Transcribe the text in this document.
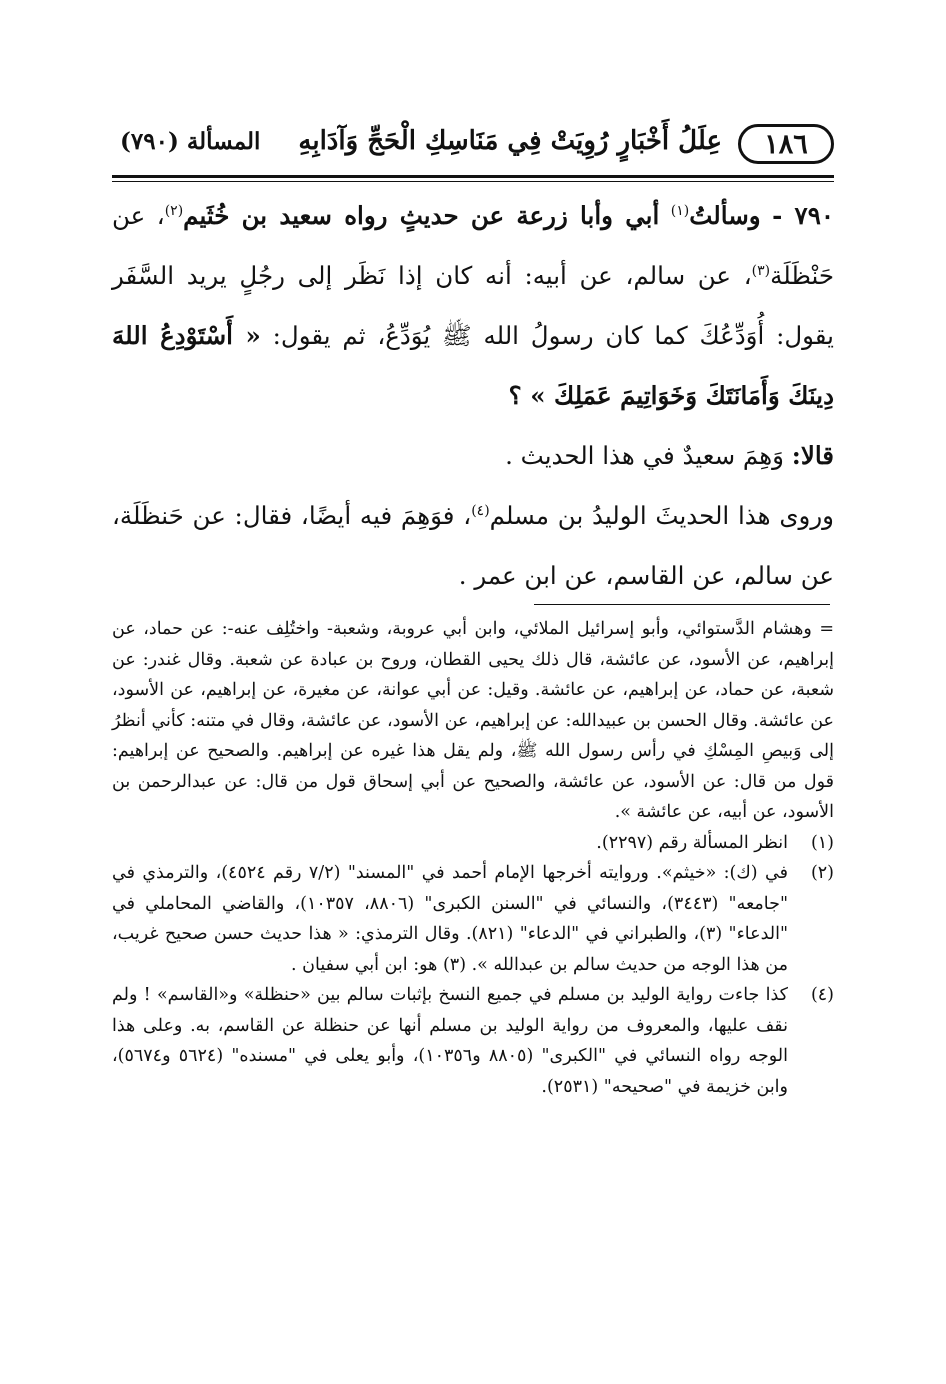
١٨٦
عِلَلُ أَخْبَارٍ رُوِيَتْ فِي مَنَاسِكِ الْحَجِّ وَآدَابِهِ
المسألة (٧٩٠)

٧٩٠ - وسألتُ$^{(١)}$ أبي وأبا زرعة عن حديثٍ رواه سعيد بن خُثَيم$^{(٢)}$، عن حَنْظَلَة$^{(٣)}$، عن سالم، عن أبيه: أنه كان إذا نَظَر إلى رجُلٍ يريد السَّفَر يقول: أُوَدِّعُكَ كما كان رسولُ الله ﷺ يُوَدِّعُ، ثم يقول: « أَسْتَوْدِعُ اللهَ دِينَكَ وَأَمَانَتَكَ وَخَوَاتِيمَ عَمَلِكَ » ؟

قالا: وَهِمَ سعيدٌ في هذا الحديث .

وروى هذا الحديثَ الوليدُ بن مسلم$^{(٤)}$، فوَهِمَ فيه أيضًا، فقال: عن حَنظَلَة، عن سالم، عن القاسم، عن ابن عمر .

= وهشام الدَّستوائي، وأبو إسرائيل الملائي، وابن أبي عروبة، وشعبة- واختُلِف عنه-: عن حماد، عن إبراهيم، عن الأسود، عن عائشة، قال ذلك يحيى القطان، وروح بن عبادة عن شعبة. وقال غندر: عن شعبة، عن حماد، عن إبراهيم، عن عائشة. وقيل: عن أبي عوانة، عن مغيرة، عن إبراهيم، عن الأسود، عن عائشة. وقال الحسن بن عبيدالله: عن إبراهيم، عن الأسود، عن عائشة، وقال في متنه: كأني أنظرُ إلى وَبيصِ المِسْكِ في رأس رسول الله ﷺ، ولم يقل هذا غيره عن إبراهيم. والصحيح عن إبراهيم: قول من قال: عن الأسود، عن عائشة، والصحيح عن أبي إسحاق قول من قال: عن عبدالرحمن بن الأسود، عن أبيه، عن عائشة ».

(١)
انظر المسألة رقم (٢٢٩٧).
(٢)
في (ك): «خيثم». وروايته أخرجها الإمام أحمد في "المسند" (٧/٢ رقم ٤٥٢٤)، والترمذي في "جامعه" (٣٤٤٣)، والنسائي في "السنن الكبرى" (٨٨٠٦، ١٠٣٥٧)، والقاضي المحاملي في "الدعاء" (٣)، والطبراني في "الدعاء" (٨٢١). وقال الترمذي: « هذا حديث حسن صحيح غريب، من هذا الوجه من حديث سالم بن عبدالله ». (٣) هو: ابن أبي سفيان .
(٤)
كذا جاءت رواية الوليد بن مسلم في جميع النسخ بإثبات سالم بين «حنظلة» و«القاسم» ! ولم نقف عليها، والمعروف من رواية الوليد بن مسلم أنها عن حنظلة عن القاسم، به. وعلى هذا الوجه رواه النسائي في "الكبرى" (٨٨٠٥ و١٠٣٥٦)، وأبو يعلى في "مسنده" (٥٦٢٤ و٥٦٧٤)، وابن خزيمة في "صحيحه" (٢٥٣١).
